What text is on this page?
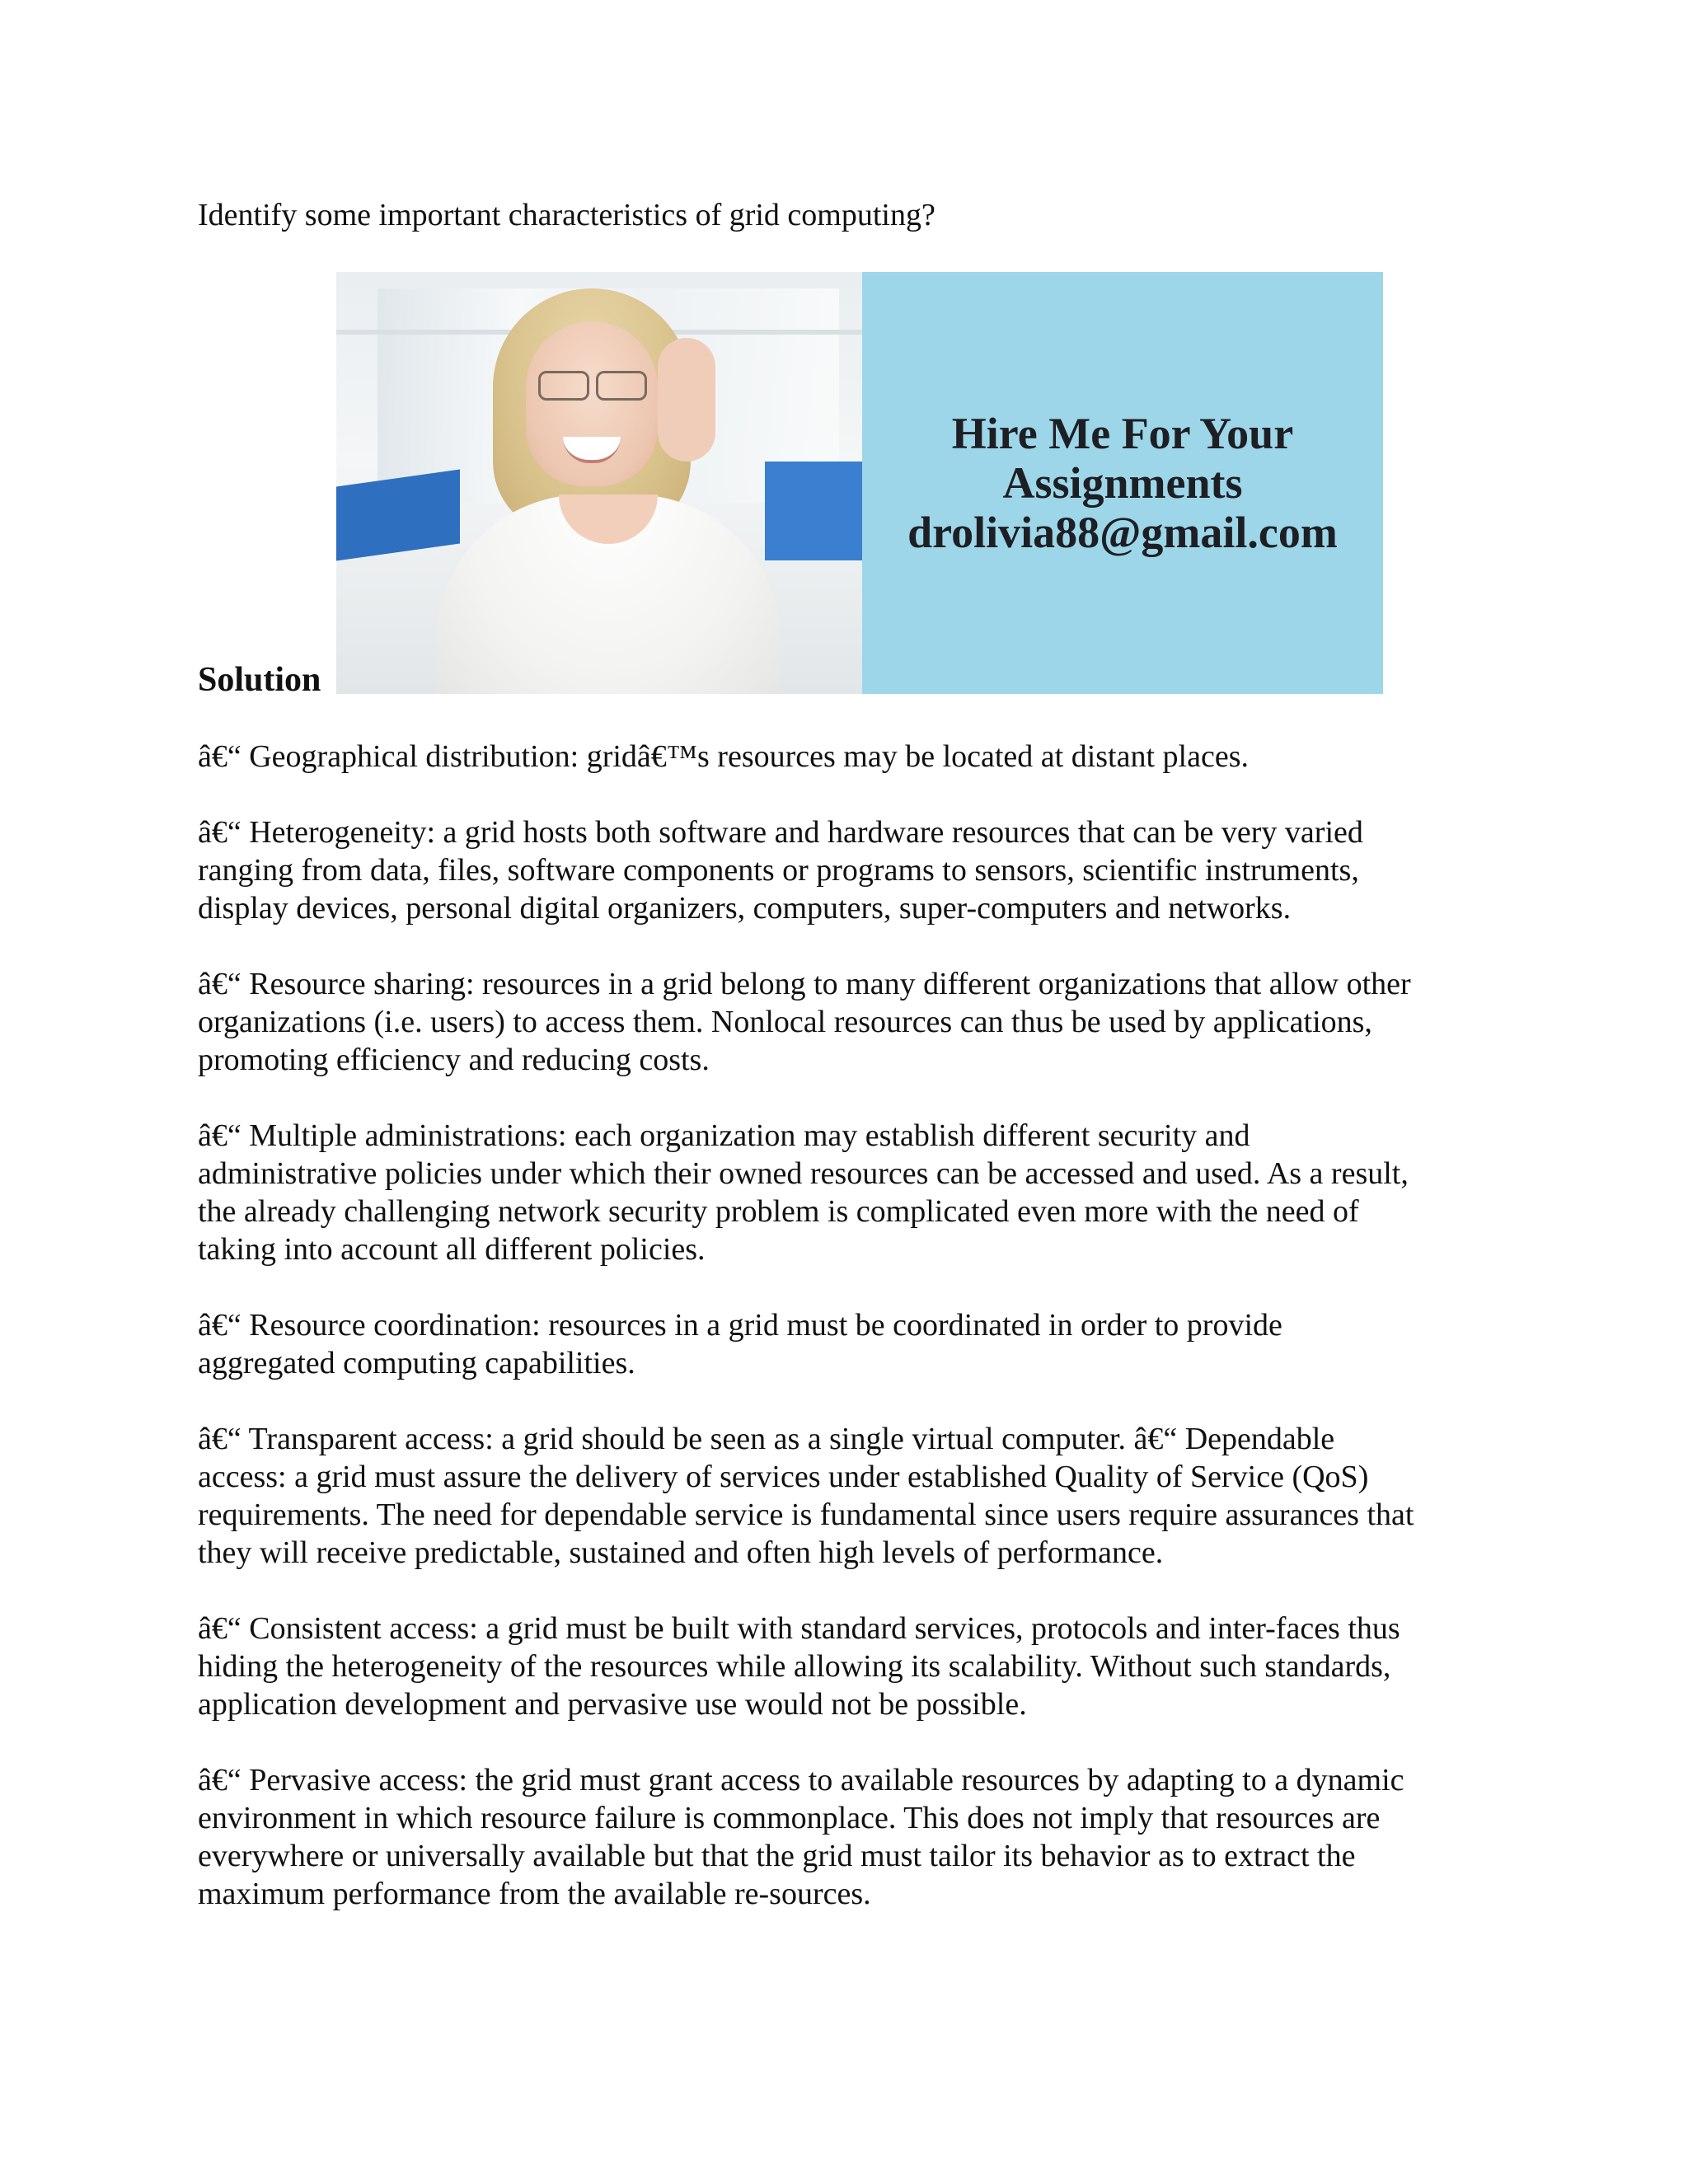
Identify some important characteristics of grid computing?

Hire Me For Your
Assignments
drolivia88@gmail.com
Solution

â€“ Geographical distribution: gridâ€™s resources may be located at distant places.

â€“ Heterogeneity: a grid hosts both software and hardware resources that can be very varied
ranging from data, files, software components or programs to sensors, scientific instruments,
display devices, personal digital organizers, computers, super-computers and networks.

â€“ Resource sharing: resources in a grid belong to many different organizations that allow other
organizations (i.e. users) to access them. Nonlocal resources can thus be used by applications,
promoting efficiency and reducing costs.

â€“ Multiple administrations: each organization may establish different security and
administrative policies under which their owned resources can be accessed and used. As a result,
the already challenging network security problem is complicated even more with the need of
taking into account all different policies.

â€“ Resource coordination: resources in a grid must be coordinated in order to provide
aggregated computing capabilities.

â€“ Transparent access: a grid should be seen as a single virtual computer. â€“ Dependable
access: a grid must assure the delivery of services under established Quality of Service (QoS)
requirements. The need for dependable service is fundamental since users require assurances that
they will receive predictable, sustained and often high levels of performance.

â€“ Consistent access: a grid must be built with standard services, protocols and inter-faces thus
hiding the heterogeneity of the resources while allowing its scalability. Without such standards,
application development and pervasive use would not be possible.

â€“ Pervasive access: the grid must grant access to available resources by adapting to a dynamic
environment in which resource failure is commonplace. This does not imply that resources are
everywhere or universally available but that the grid must tailor its behavior as to extract the
maximum performance from the available re-sources.
